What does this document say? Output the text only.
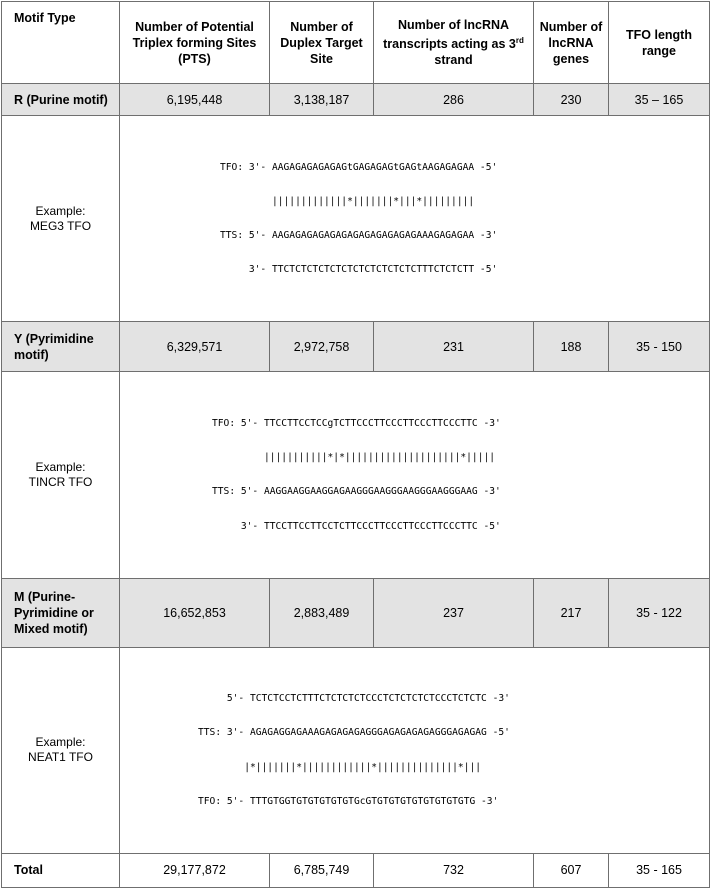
Motif Type	Number of Potential Triplex forming Sites (PTS)	Number of Duplex Target Site	Number of lncRNA transcripts acting as 3rd strand	Number of lncRNA genes	TFO length range
R (Purine motif)	6,195,448	3,138,187	286	230	35 – 165

Example:
MEG3 TFO	TFO: 3'- AAGAGAGAGAGAGtGAGAGAGtGAGtAAGAGAGAA -5'

|||||||||||||*|||||||*|||*|||||||||

TTS: 5'- AAGAGAGAGAGAGAGAGAGAGAGAGAAAGAGAGAA -3'

3'- TTCTCTCTCTCTCTCTCTCTCTCTCTTTCTCTCTT -5'				

Y (Pyrimidine motif)	6,329,571	2,972,758	231	188	35 - 150

Example:
TINCR TFO	TFO: 5'- TTCCTTCCTCCgTCTTCCCTTCCCTTCCCTTCCCTTC -3'

|||||||||||*|*||||||||||||||||||||*|||||

TTS: 5'- AAGGAAGGAAGGAGAAGGGAAGGGAAGGGAAGGGAAG -3'

3'- TTCCTTCCTTCCTCTTCCCTTCCCTTCCCTTCCCTTC -5'				

M (Purine-Pyrimidine or Mixed motif)	16,652,853	2,883,489	237	217	35 - 122

Example:
NEAT1 TFO	5'- TCTCTCCTCTTTCTCTCTCTCCCTCTCTCTCTCCCTCTCTC -3'

TTS: 3'- AGAGAGGAGAAAGAGAGAGAGGGAGAGAGAGAGGGAGAGAG -5'

|*|||||||*||||||||||||*||||||||||||||*|||

TFO: 5'- TTTGTGGTGTGTGTGTGTGcGTGTGTGTGTGTGTGTGTG -3'				

Total	29,177,872	6,785,749	732	607	35 - 165
